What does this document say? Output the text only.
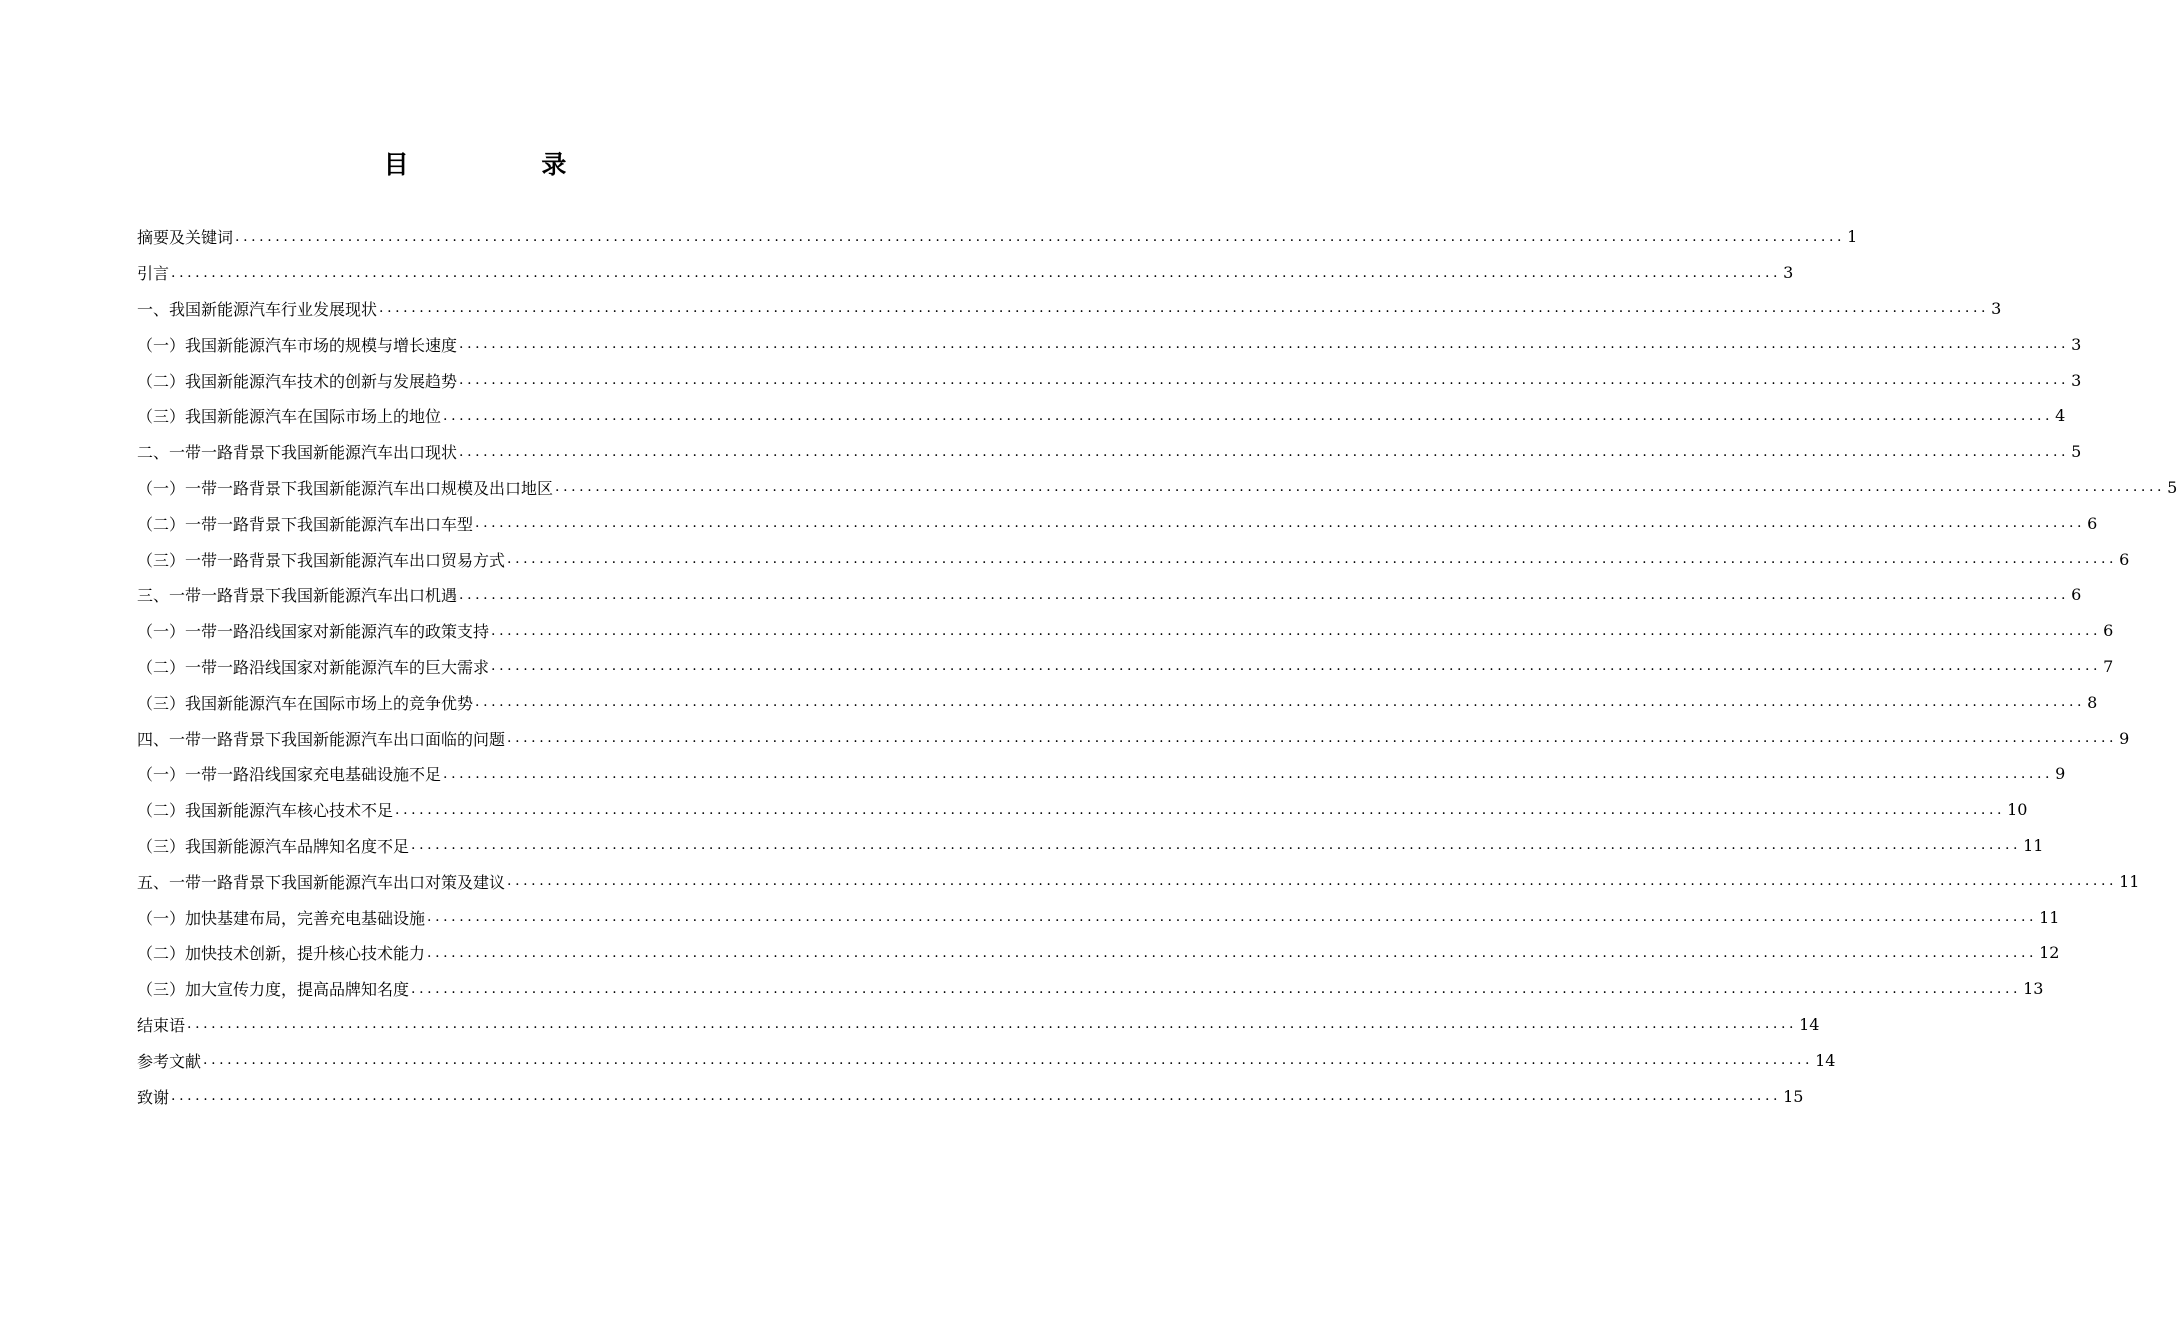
目 录
摘要及关键词 ........................................................................................................................................................................................................ 1
引言 ........................................................................................................................................................................................................ 3
一、 我国新能源汽车行业发展现状 ........................................................................................................................................................................................................ 3
（一） 我国新能源汽车市场的规模与增长速度 ........................................................................................................................................................................................................ 3
（二） 我国新能源汽车技术的创新与发展趋势 ........................................................................................................................................................................................................ 3
（三） 我国新能源汽车在国际市场上的地位 ........................................................................................................................................................................................................ 4
二、 一带一路背景下我国新能源汽车出口现状 ........................................................................................................................................................................................................ 5
（一） 一带一路背景下我国新能源汽车出口规模及出口地区 ........................................................................................................................................................................................................ 5
（二） 一带一路背景下我国新能源汽车出口车型 ........................................................................................................................................................................................................ 6
（三） 一带一路背景下我国新能源汽车出口贸易方式 ........................................................................................................................................................................................................ 6
三、 一带一路背景下我国新能源汽车出口机遇 ........................................................................................................................................................................................................ 6
（一） 一带一路沿线国家对新能源汽车的政策支持 ........................................................................................................................................................................................................ 6
（二） 一带一路沿线国家对新能源汽车的巨大需求 ........................................................................................................................................................................................................ 7
（三） 我国新能源汽车在国际市场上的竞争优势 ........................................................................................................................................................................................................ 8
四、 一带一路背景下我国新能源汽车出口面临的问题 ........................................................................................................................................................................................................ 9
（一） 一带一路沿线国家充电基础设施不足 ........................................................................................................................................................................................................ 9
（二） 我国新能源汽车核心技术不足 ........................................................................................................................................................................................................ 10
（三） 我国新能源汽车品牌知名度不足 ........................................................................................................................................................................................................ 11
五、 一带一路背景下我国新能源汽车出口对策及建议 ........................................................................................................................................................................................................ 11
（一） 加快基建布局，完善充电基础设施 ........................................................................................................................................................................................................ 11
（二） 加快技术创新，提升核心技术能力 ........................................................................................................................................................................................................ 12
（三） 加大宣传力度，提高品牌知名度 ........................................................................................................................................................................................................ 13
结束语 ........................................................................................................................................................................................................ 14
参考文献 ........................................................................................................................................................................................................ 14
致谢 ........................................................................................................................................................................................................ 15
